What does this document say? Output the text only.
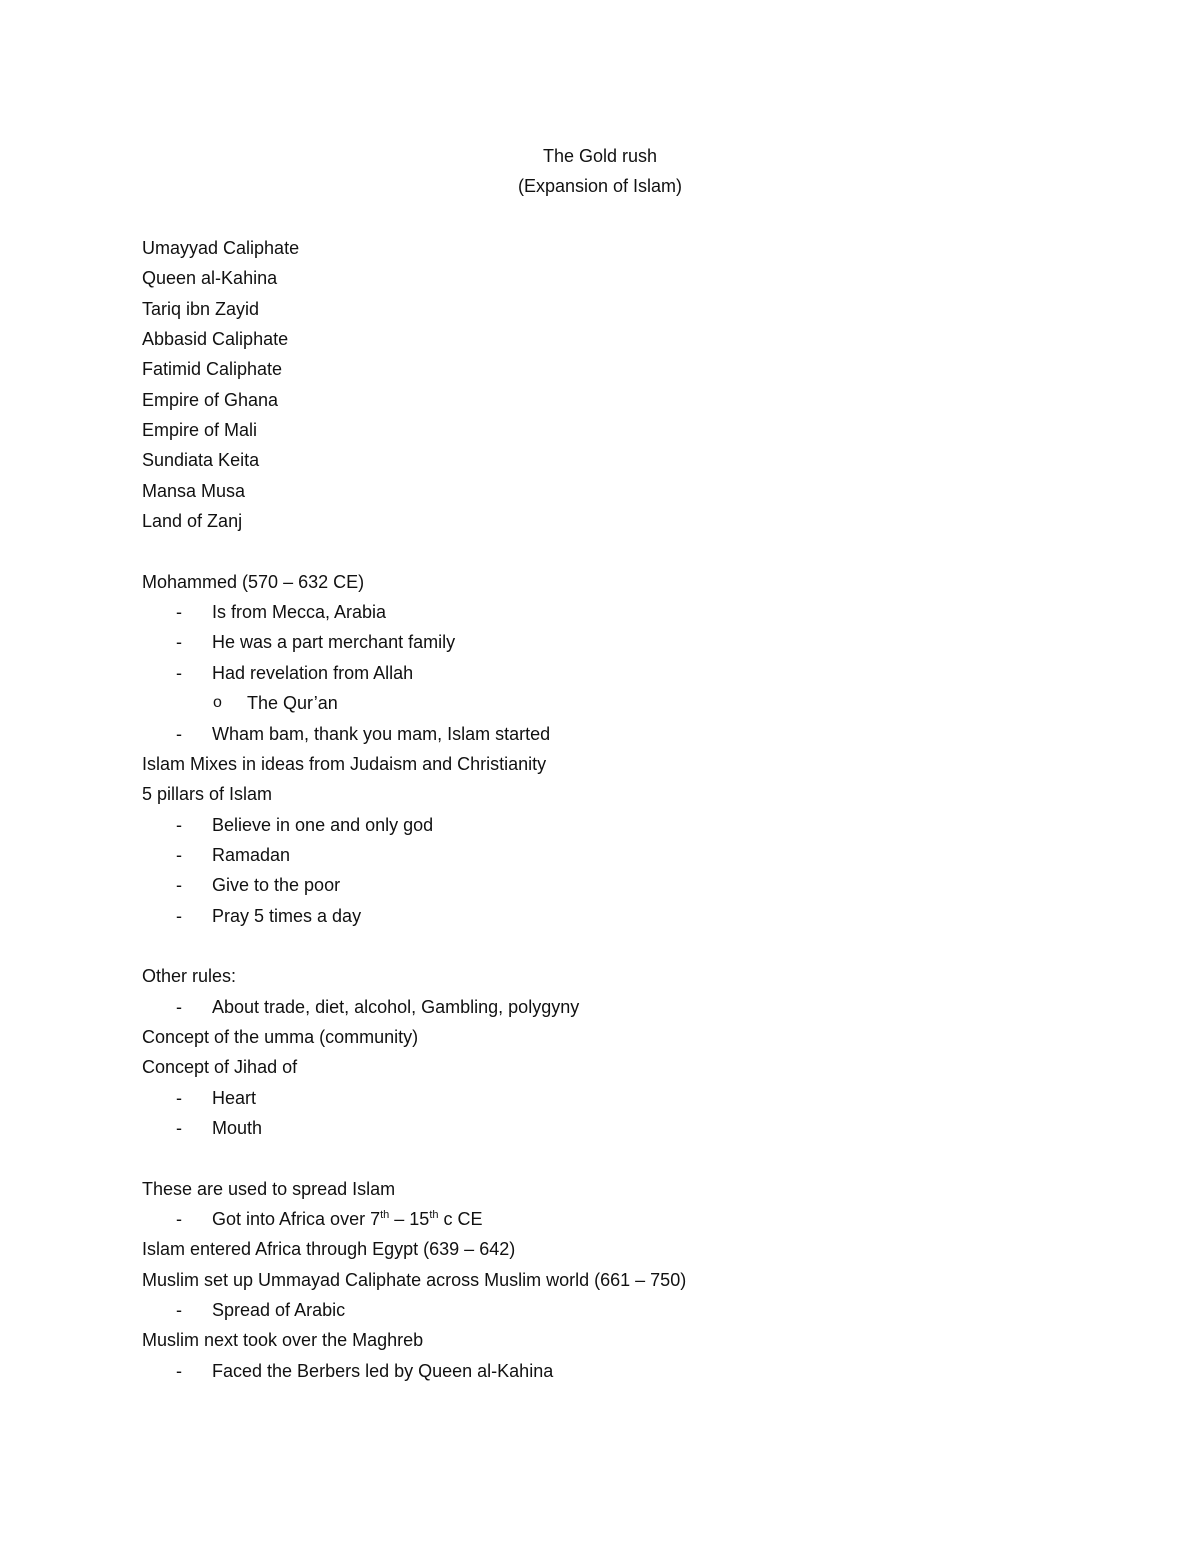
The Gold rush
(Expansion of Islam)
Umayyad Caliphate
Queen al-Kahina
Tariq ibn Zayid
Abbasid Caliphate
Fatimid Caliphate
Empire of Ghana
Empire of Mali
Sundiata Keita
Mansa Musa
Land of Zanj
Mohammed (570 – 632 CE)
- Is from Mecca, Arabia
- He was a part merchant family
- Had revelation from Allah
o The Qur’an
- Wham bam, thank you mam, Islam started
Islam Mixes in ideas from Judaism and Christianity
5 pillars of Islam
- Believe in one and only god
- Ramadan
- Give to the poor
- Pray 5 times a day
Other rules:
- About trade, diet, alcohol, Gambling, polygyny
Concept of the umma (community)
Concept of Jihad of
- Heart
- Mouth
These are used to spread Islam
- Got into Africa over 7th – 15th c CE
Islam entered Africa through Egypt (639 – 642)
Muslim set up Ummayad Caliphate across Muslim world (661 – 750)
- Spread of Arabic
Muslim next took over the Maghreb
- Faced the Berbers led by Queen al-Kahina
